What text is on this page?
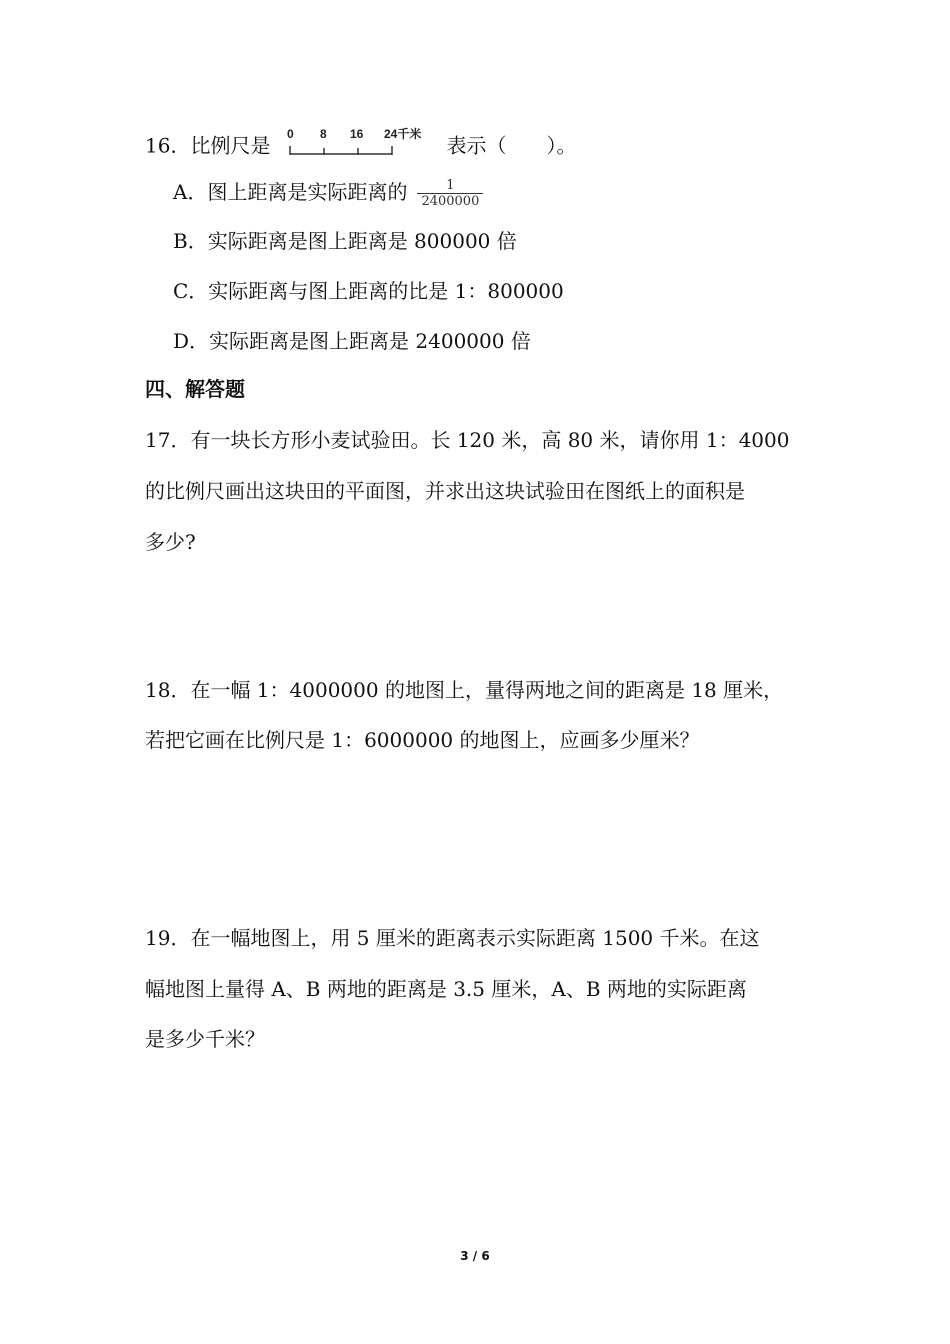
16．比例尺是 0 8 16 24千米 表示（　　）。
A．图上距离是实际距离的 $\frac{1}{2400000}$
B．实际距离是图上距离是 800000 倍
C．实际距离与图上距离的比是 1：800000
D．实际距离是图上距离是 2400000 倍
四、解答题
17．有一块长方形小麦试验田。长 120 米，高 80 米，请你用 1：4000
的比例尺画出这块田的平面图，并求出这块试验田在图纸上的面积是
多少?
18．在一幅 1：4000000 的地图上，量得两地之间的距离是 18 厘米，
若把它画在比例尺是 1：6000000 的地图上，应画多少厘米？
19．在一幅地图上，用 5 厘米的距离表示实际距离 1500 千米。在这
幅地图上量得 A、B 两地的距离是 3.5 厘米，A、B 两地的实际距离
是多少千米？
3 / 6
